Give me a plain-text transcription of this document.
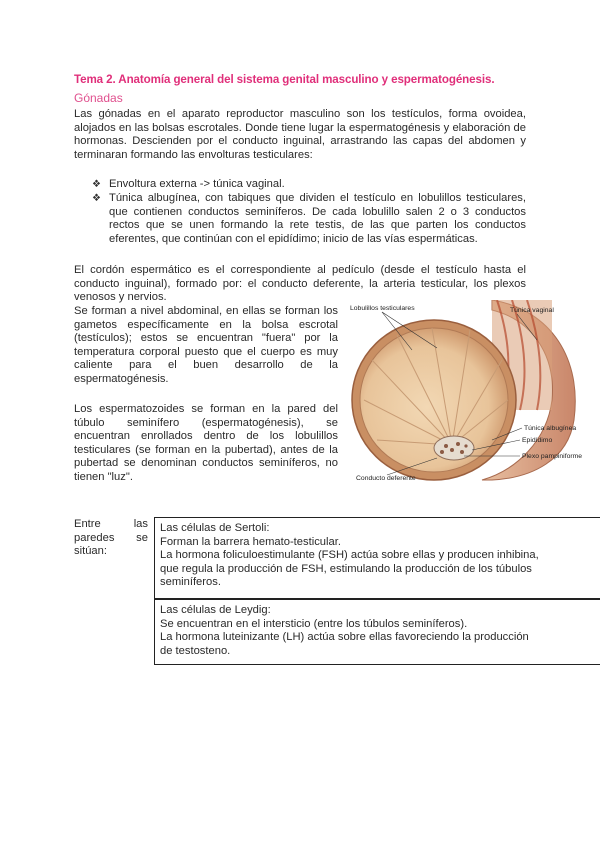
Tema 2. Anatomía general del sistema genital masculino y espermatogénesis.
Gónadas
Las gónadas en el aparato reproductor masculino son los testículos, forma ovoidea, alojados en las bolsas escrotales. Donde tiene lugar la espermatogénesis y elaboración de hormonas. Descienden por el conducto inguinal, arrastrando las capas del abdomen y terminaran formando las envolturas testiculares:
❖ Envoltura externa -> túnica vaginal.
❖ Túnica albugínea, con tabiques que dividen el testículo en lobulillos testiculares, que contienen conductos seminíferos. De cada lobulillo salen 2 o 3 conductos rectos que se unen formando la rete testis, de las que parten los conductos eferentes, que continúan con el epidídimo; inicio de las vías espermáticas.
El cordón espermático es el correspondiente al pedículo (desde el testículo hasta el conducto inguinal), formado por: el conducto deferente, la arteria testicular, los plexos venosos y nervios.
Se forman a nivel abdominal, en ellas se forman los gametos específicamente en la bolsa escrotal (testículos); estos se encuentran "fuera" por la temperatura corporal puesto que el cuerpo es muy caliente para el buen desarrollo de la espermatogénesis.
Los espermatozoides se forman en la pared del túbulo seminífero (espermatogénesis), se encuentran enrollados dentro de los lobulillos testiculares (se forman en la pubertad), antes de la pubertad se denominan conductos seminíferos, no tienen "luz".
Lobulillos testiculares	Túnica vaginal
Túnica albugínea
Epidídimo
Plexo pampiniforme
Conducto deferente
Entre las paredes se sitúan:
Las células de Sertoli:
Forman la barrera hemato-testicular.
La hormona foliculoestimulante (FSH) actúa sobre ellas y producen inhibina,
que regula la producción de FSH, estimulando la producción de los túbulos
seminíferos.
Las células de Leydig:
Se encuentran en el intersticio (entre los túbulos seminíferos).
La hormona luteinizante (LH) actúa sobre ellas favoreciendo la producción
de testosteno.
